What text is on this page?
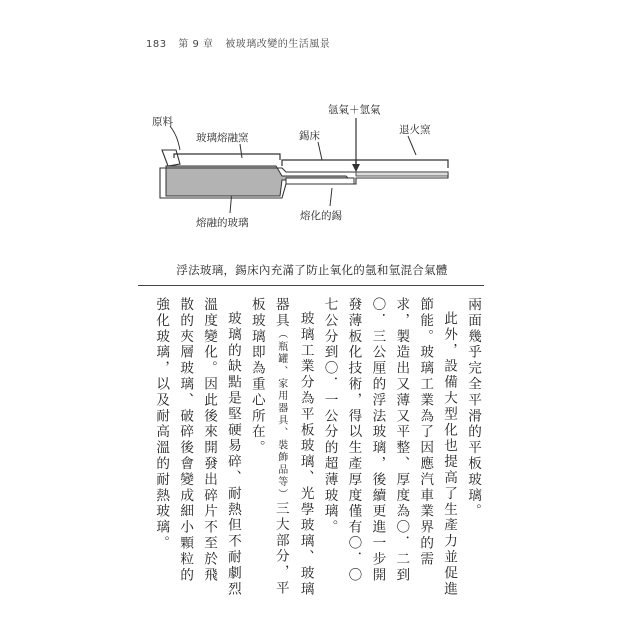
183 第 9 章 被玻璃改變的生活風景
原料
玻璃熔融窯	錫床
氬氣＋氫氣
退火窯
熔融的玻璃
熔化的錫
浮法玻璃，錫床內充滿了防止氧化的氬和氫混合氣體

兩面幾乎完全平滑的平板玻璃。

此外，設備大型化也提高了生產力並促進節能。玻璃工業為了因應汽車業界的需求，製造出又薄又平整、厚度為〇．二到〇．三公厘的浮法玻璃，後續更進一步開發薄板化技術，得以生產厚度僅有〇．〇七公分到〇．一公分的超薄玻璃。

玻璃工業分為平板玻璃、光學玻璃、玻璃器具（瓶罐、家用器具、裝飾品等）三大部分，平板玻璃即為重心所在。

玻璃的缺點是堅硬易碎、耐熱但不耐劇烈溫度變化。因此後來開發出碎片不至於飛散的夾層玻璃、破碎後會變成細小顆粒的強化玻璃，以及耐高溫的耐熱玻璃。
